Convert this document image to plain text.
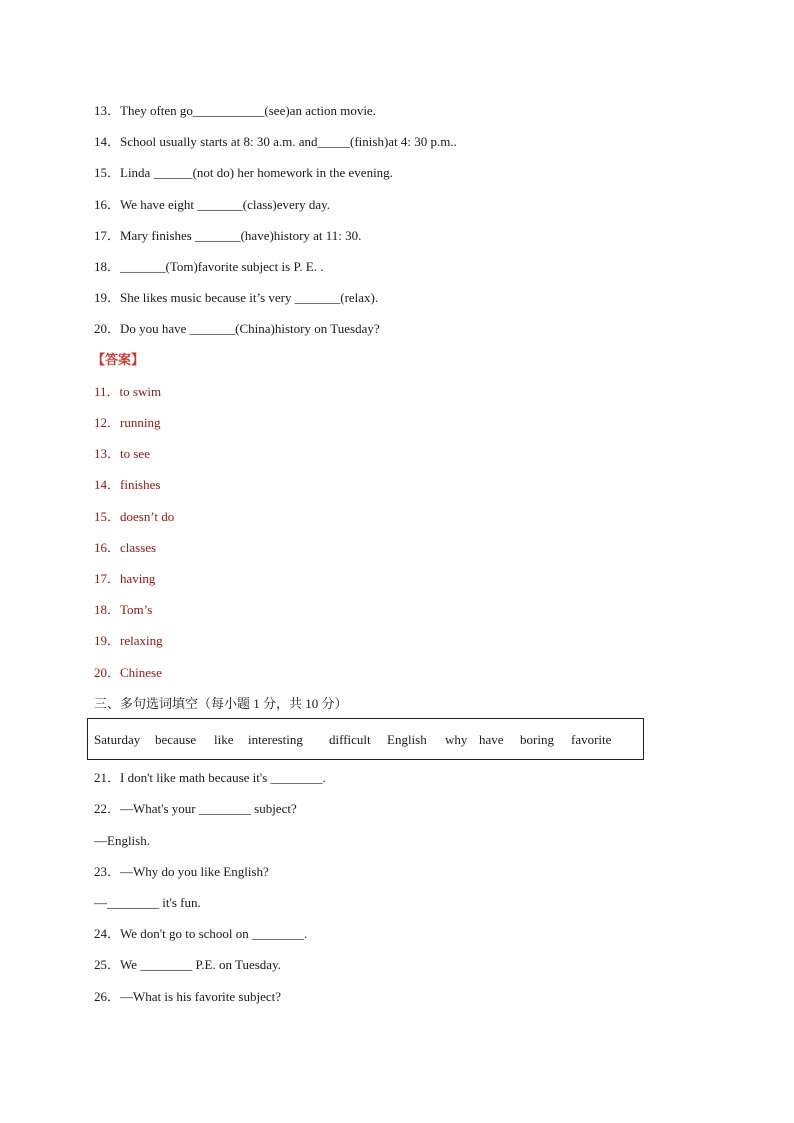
13．They often go___________(see)an action movie.
14．School usually starts at 8: 30 a.m. and_____(finish)at 4: 30 p.m..
15．Linda ______(not do) her homework in the evening.
16．We have eight _______(class)every day.
17．Mary finishes _______(have)history at 11: 30.
18．_______(Tom)favorite subject is P. E. .
19．She likes music because it’s very _______(relax).
20．Do you have _______(China)history on Tuesday?
【答案】
11．to swim
12．running
13．to see
14．finishes
15．doesn’t do
16．classes
17．having
18．Tom’s
19．relaxing
20．Chinese
三、多句选词填空（每小题 1 分，共 10 分）
Saturday because like interesting difficult English why have boring favorite
21．I don't like math because it's ________.
22．—What's your ________ subject?
—English.
23．—Why do you like English?
—________ it's fun.
24．We don't go to school on ________.
25．We ________ P.E. on Tuesday.
26．—What is his favorite subject?
